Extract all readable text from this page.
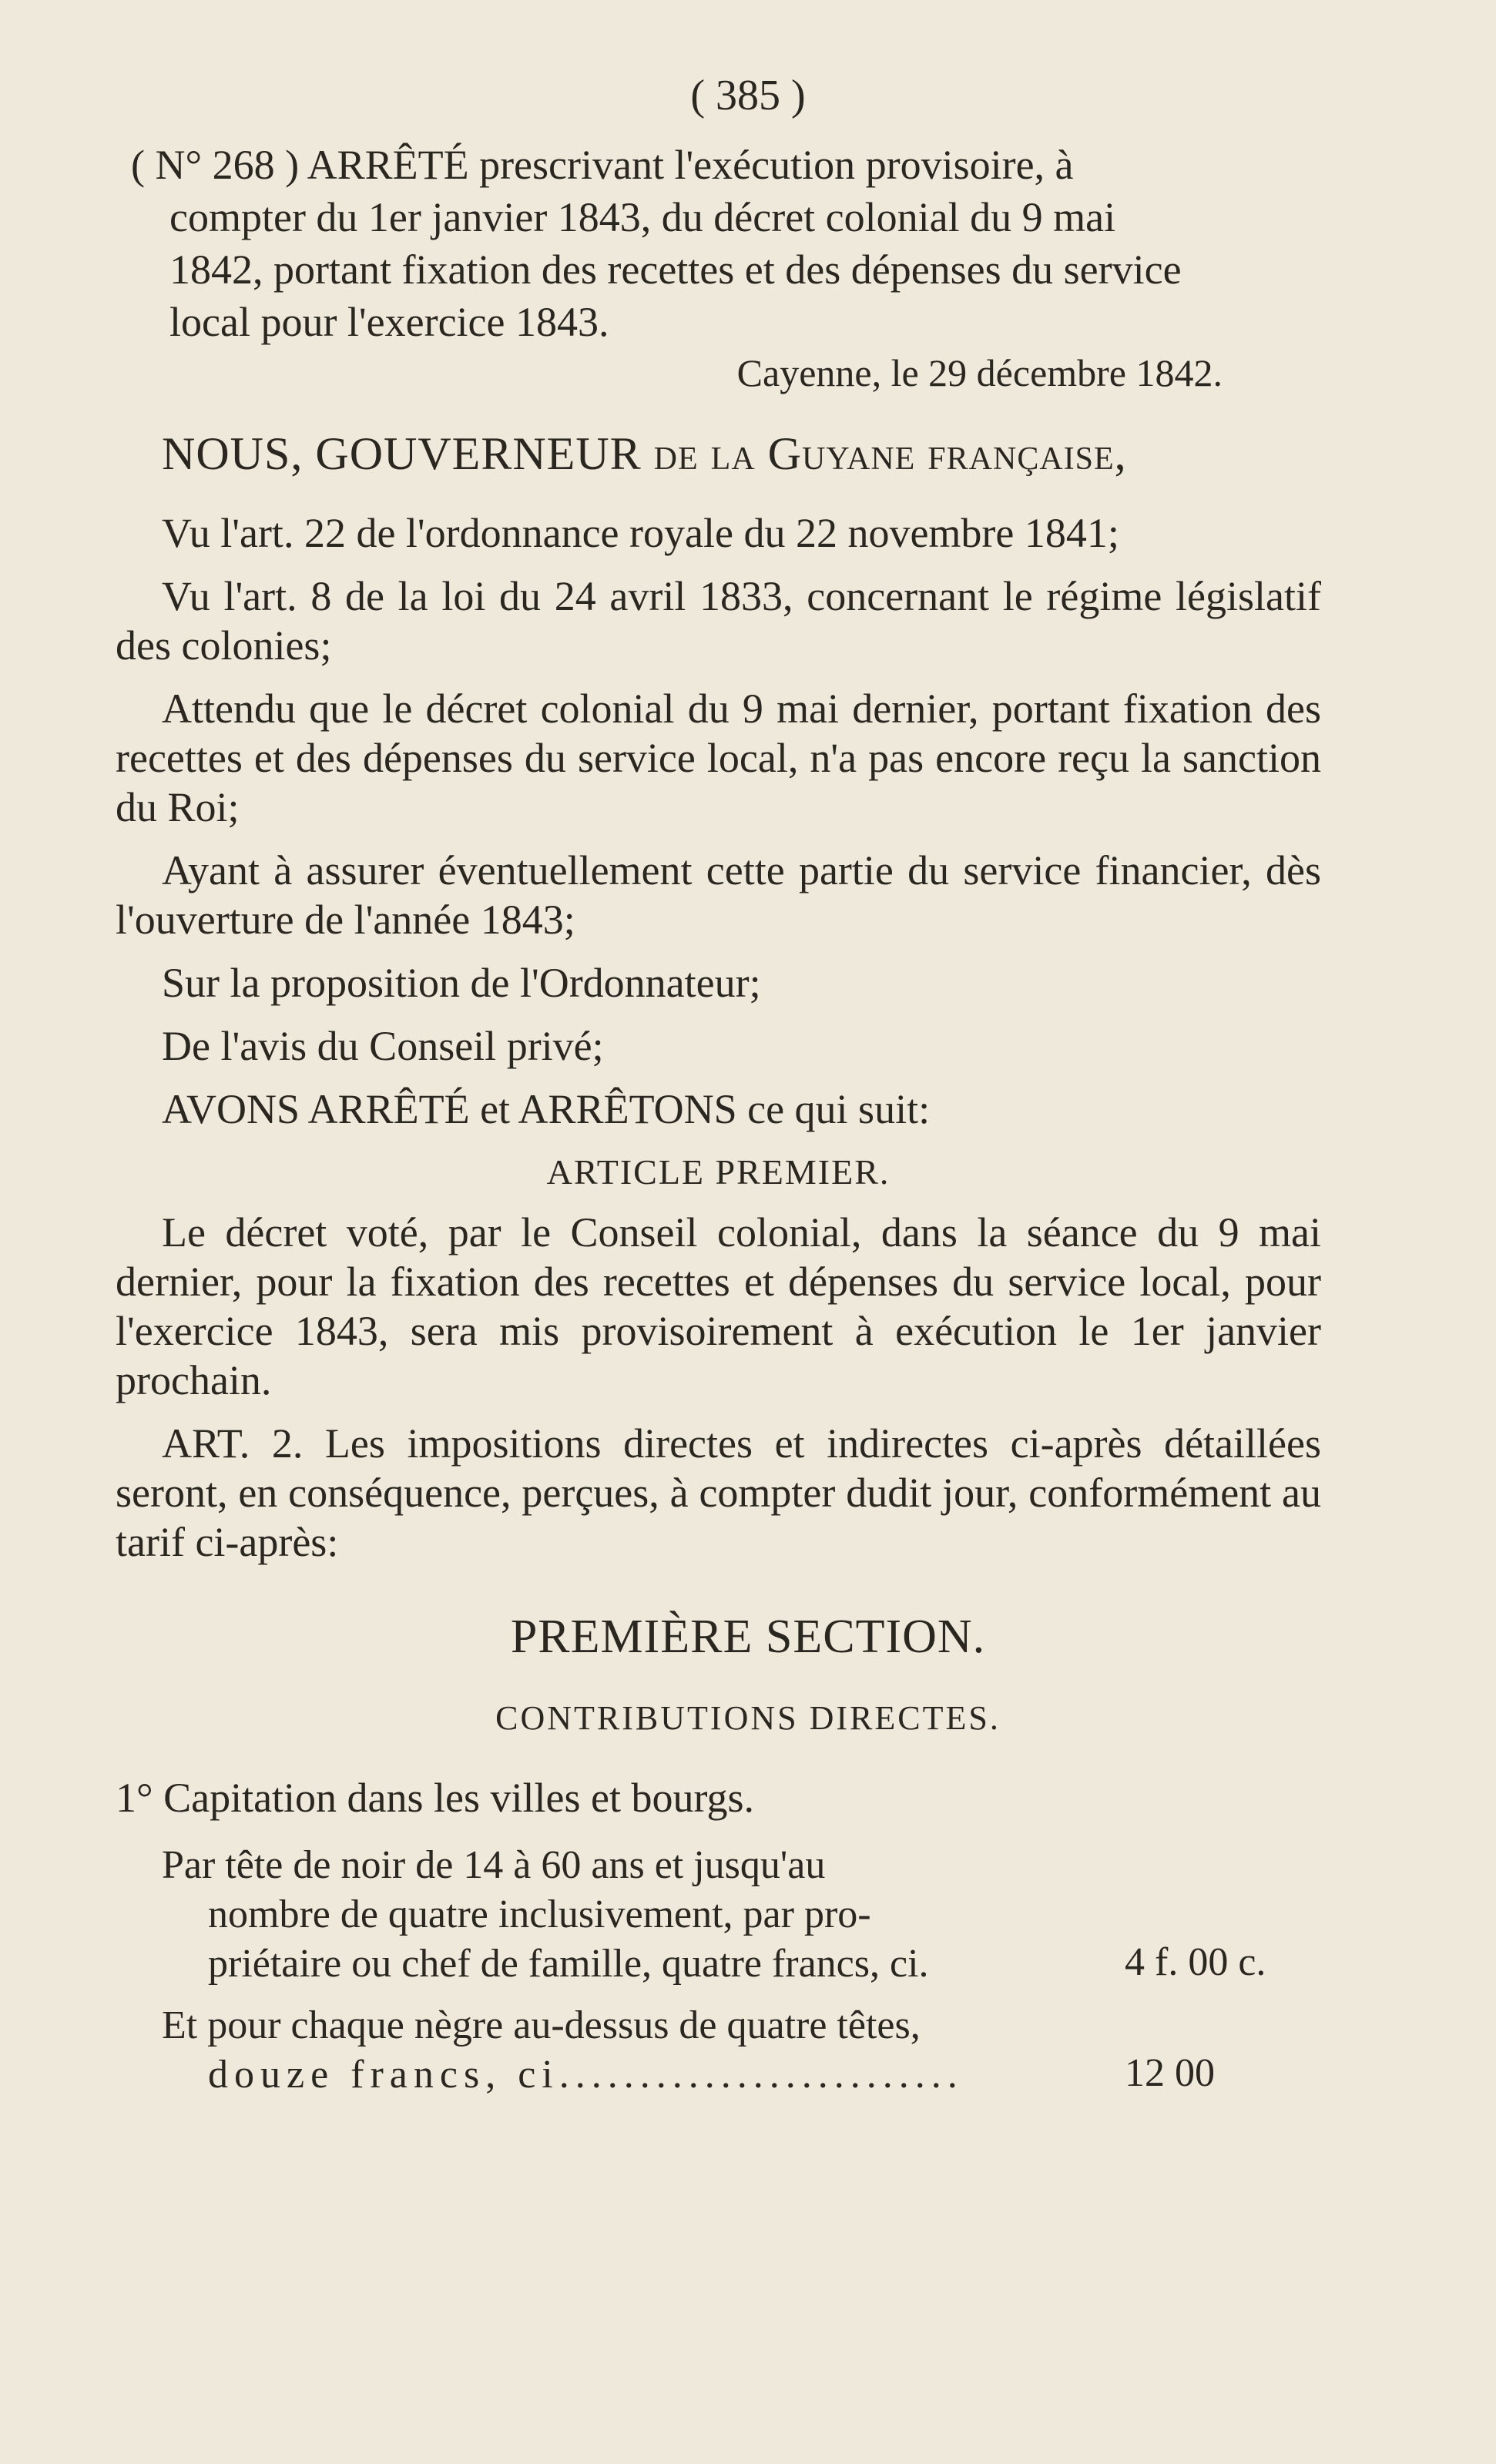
( 385 )
( N° 268 ) ARRÊTÉ prescrivant l'exécution provisoire, à
compter du 1er janvier 1843, du décret colonial du 9 mai
1842, portant fixation des recettes et des dépenses du service
local pour l'exercice 1843.
Cayenne, le 29 décembre 1842.
NOUS, GOUVERNEUR de la Guyane française,

Vu l'art. 22 de l'ordonnance royale du 22 novembre 1841;

Vu l'art. 8 de la loi du 24 avril 1833, concernant le régime législatif des colonies;

Attendu que le décret colonial du 9 mai dernier, portant fixation des recettes et des dépenses du service local, n'a pas encore reçu la sanction du Roi;

Ayant à assurer éventuellement cette partie du service financier, dès l'ouverture de l'année 1843;

Sur la proposition de l'Ordonnateur;

De l'avis du Conseil privé;

AVONS ARRÊTÉ et ARRÊTONS ce qui suit:

ARTICLE PREMIER.

Le décret voté, par le Conseil colonial, dans la séance du 9 mai dernier, pour la fixation des recettes et dépenses du service local, pour l'exercice 1843, sera mis provisoirement à exécution le 1er janvier prochain.

ART. 2. Les impositions directes et indirectes ci-après détaillées seront, en conséquence, perçues, à compter dudit jour, conformément au tarif ci-après:

PREMIÈRE SECTION.
CONTRIBUTIONS DIRECTES.
1° Capitation dans les villes et bourgs.
Par tête de noir de 14 à 60 ans et jusqu'au
nombre de quatre inclusivement, par pro-
priétaire ou chef de famille, quatre francs, ci.	4 f. 00 c.
Et pour chaque nègre au-dessus de quatre têtes,
douze francs, ci.........................	12 00
